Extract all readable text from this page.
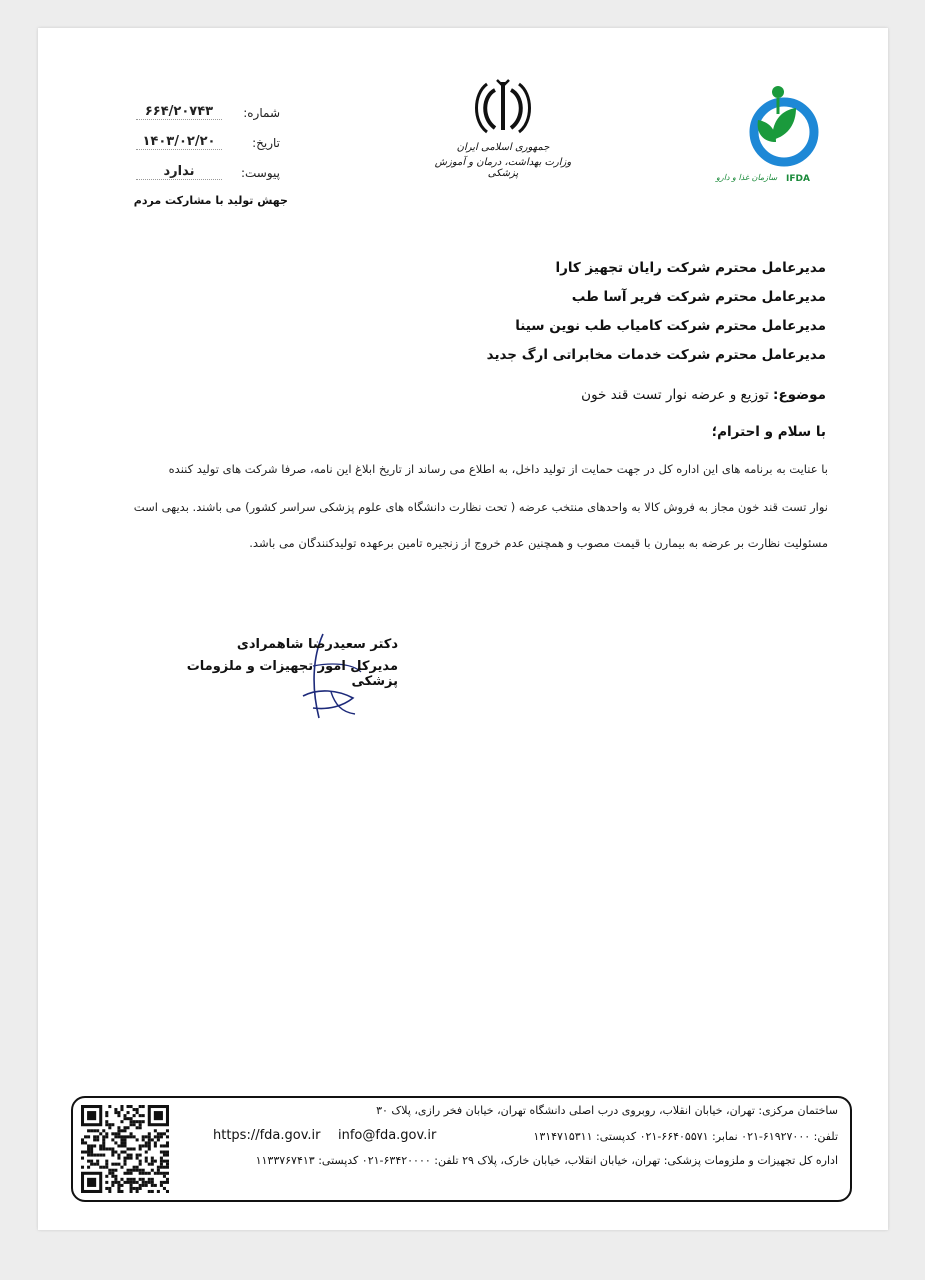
شماره:
۶۶۴/۲۰۷۴۳
تاریخ:
۱۴۰۳/۰۲/۲۰
پیوست:
ندارد
جهش تولید با مشارکت مردم
جمهوری اسلامی ایران
وزارت بهداشت، درمان و آموزش پزشکی	سازمان غذا و دارو IFDA
مدیرعامل محترم شرکت رایان تجهیز کارا
مدیرعامل محترم شرکت فریر آسا طب
مدیرعامل محترم شرکت کامیاب طب نوین سینا
مدیرعامل محترم شرکت خدمات مخابراتی ارگ جدید
موضوع: توزیع و عرضه نوار تست قند خون
با سلام و احترام؛
با عنایت به برنامه های این اداره کل در جهت حمایت از تولید داخل، به اطلاع می رساند از تاریخ ابلاغ این نامه، صرفا شرکت های تولید کننده
نوار تست قند خون مجاز به فروش کالا به واحدهای منتخب عرضه ( تحت نظارت دانشگاه های علوم پزشکی سراسر کشور) می باشند. بدیهی است
مسئولیت نظارت بر عرضه به بیمارن با قیمت مصوب و همچنین عدم خروج از زنجیره تامین برعهده تولیدکنندگان می باشد.
دکتر سعیدرضا شاهمرادی
مدیرکل امور تجهیزات و ملزومات پزشکی
ساختمان مرکزی: تهران، خیابان انقلاب، روبروی درب اصلی دانشگاه تهران، خیابان فخر رازی، پلاک ۳۰
تلفن: ۶۱۹۲۷۰۰۰-۰۲۱ نمابر: ۶۶۴۰۵۵۷۱-۰۲۱ کدپستی: ۱۳۱۴۷۱۵۳۱۱
info@fda.gov.ir
https://fda.gov.ir
اداره کل تجهیزات و ملزومات پزشکی: تهران، خیابان انقلاب، خیابان خارک، پلاک ۲۹ تلفن: ۶۳۴۲۰۰۰۰-۰۲۱ کدپستی: ۱۱۳۳۷۶۷۴۱۳
